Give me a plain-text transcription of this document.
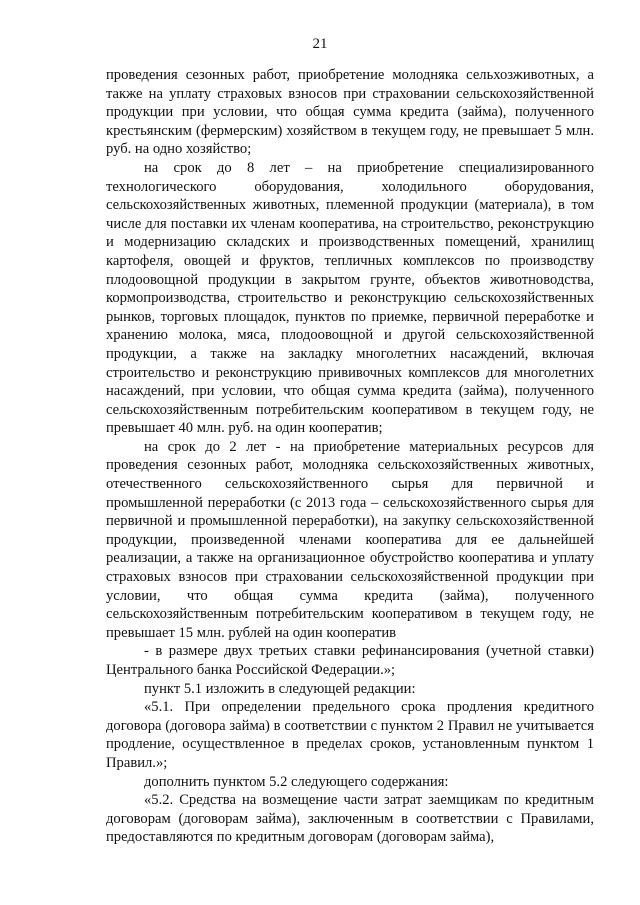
21

проведения сезонных работ, приобретение молодняка сельхозживотных, а также на уплату страховых взносов при страховании сельскохозяйственной продукции при условии, что общая сумма кредита (займа), полученного крестьянским (фермерским) хозяйством в текущем году, не превышает 5 млн. руб. на одно хозяйство;

на срок до 8 лет – на приобретение специализированного технологического оборудования, холодильного оборудования, сельскохозяйственных животных, племенной продукции (материала), в том числе для поставки их членам кооператива, на строительство, реконструкцию и модернизацию складских и производственных помещений, хранилищ картофеля, овощей и фруктов, тепличных комплексов по производству плодоовощной продукции в закрытом грунте, объектов животноводства, кормопроизводства, строительство и реконструкцию сельскохозяйственных рынков, торговых площадок, пунктов по приемке, первичной переработке и хранению молока, мяса, плодоовощной и другой сельскохозяйственной продукции, а также на закладку многолетних насаждений, включая строительство и реконструкцию прививочных комплексов для многолетних насаждений, при условии, что общая сумма кредита (займа), полученного сельскохозяйственным потребительским кооперативом в текущем году, не превышает 40 млн. руб. на один кооператив;

на срок до 2 лет - на приобретение материальных ресурсов для проведения сезонных работ, молодняка сельскохозяйственных животных, отечественного сельскохозяйственного сырья для первичной и промышленной переработки (с 2013 года – сельскохозяйственного сырья для первичной и промышленной переработки), на закупку сельскохозяйственной продукции, произведенной членами кооператива для ее дальнейшей реализации, а также на организационное обустройство кооператива и уплату страховых взносов при страховании сельскохозяйственной продукции при условии, что общая сумма кредита (займа), полученного сельскохозяйственным потребительским кооперативом в текущем году, не превышает 15 млн. рублей на один кооператив

- в размере двух третьих ставки рефинансирования (учетной ставки) Центрального банка Российской Федерации.»;

пункт 5.1 изложить в следующей редакции:

«5.1. При определении предельного срока продления кредитного договора (договора займа) в соответствии с пунктом 2 Правил не учитывается продление, осуществленное в пределах сроков, установленным пунктом 1 Правил.»;

дополнить пунктом 5.2 следующего содержания:

«5.2. Средства на возмещение части затрат заемщикам по кредитным договорам (договорам займа), заключенным в соответствии с Правилами, предоставляются по кредитным договорам (договорам займа),
